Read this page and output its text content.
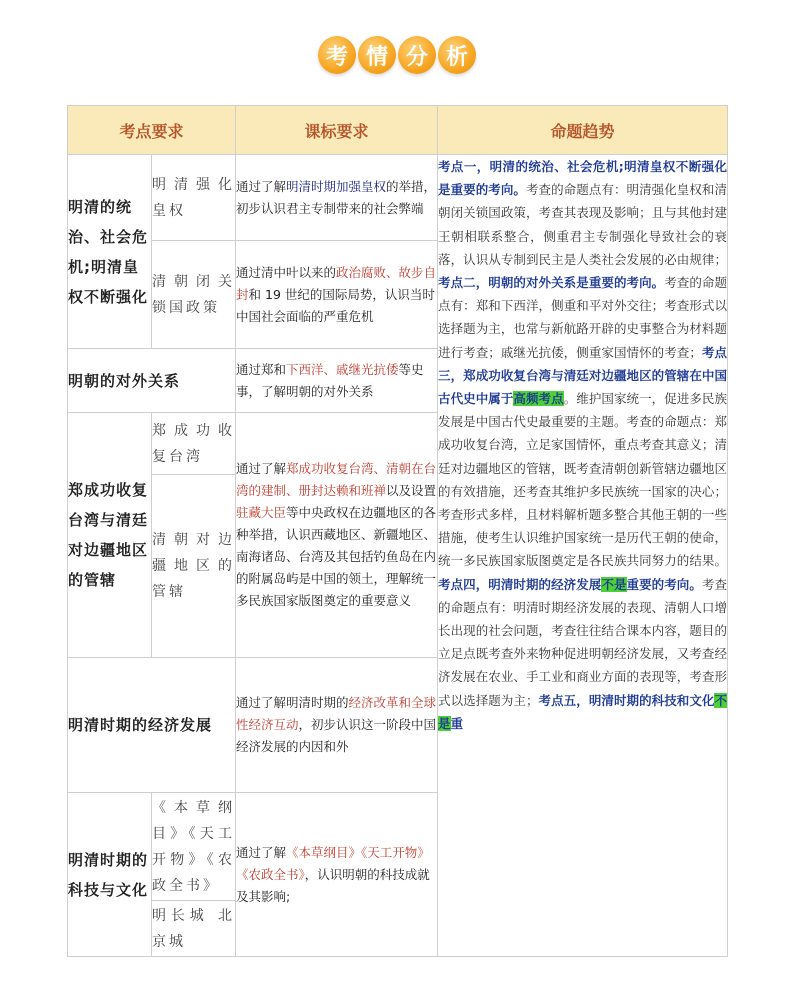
考 情 分 析
考点要求		课标要求	命题趋势
明清的统治、社会危机;明清皇权不断强化	明清强化皇权	通过了解明清时期加强皇权的举措，初步认识君主专制带来的社会弊端	考点一，明清的统治、社会危机;明清皇权不断强化是重要的考向。考查的命题点有：明清强化皇权和清朝闭关锁国政策，考查其表现及影响；且与其他封建王朝相联系整合，侧重君主专制强化导致社会的衰落，认识从专制到民主是人类社会发展的必由规律；考点二，明朝的对外关系是重要的考向。考查的命题点有：郑和下西洋，侧重和平对外交往；考查形式以选择题为主，也常与新航路开辟的史事整合为材料题进行考查；戚继光抗倭，侧重家国情怀的考查；考点三，郑成功收复台湾与清廷对边疆地区的管辖在中国古代史中属于高频考点。维护国家统一，促进多民族发展是中国古代史最重要的主题。考查的命题点：郑成功收复台湾，立足家国情怀，重点考查其意义；清廷对边疆地区的管辖，既考查清朝创新管辖边疆地区的有效措施，还考查其维护多民族统一国家的决心；考查形式多样，且材料解析题多整合其他王朝的一些措施，使考生认识维护国家统一是历代王朝的使命，统一多民族国家版图奠定是各民族共同努力的结果。考点四，明清时期的经济发展不是重要的考向。考查的命题点有：明清时期经济发展的表现、清朝人口增长出现的社会问题，考查往往结合课本内容，题目的立足点既考查外来物种促进明朝经济发展，又考查经济发展在农业、手工业和商业方面的表现等，考查形式以选择题为主；考点五，明清时期的科技和文化不是重
	清朝闭关锁国政策	通过清中叶以来的政治腐败、故步自封和 19 世纪的国际局势，认识当时中国社会面临的严重危机	
明朝的对外关系		通过郑和下西洋、戚继光抗倭等史事，了解明朝的对外关系	
郑成功收复台湾与清廷对边疆地区的管辖	郑成功收复台湾	通过了解郑成功收复台湾、清朝在台湾的建制、册封达赖和班禅以及设置驻藏大臣等中央政权在边疆地区的各种举措，认识西藏地区、新疆地区、南海诸岛、台湾及其包括钓鱼岛在内的附属岛屿是中国的领土，理解统一多民族国家版图奠定的重要意义	
	清朝对边疆地区的管辖		
明清时期的经济发展		通过了解明清时期的经济改革和全球性经济互动，初步认识这一阶段中国经济发展的内因和外	
明清时期的科技与文化	《本草纲目》《天工开物》《农政全书》	通过了解《本草纲目》《天工开物》《农政全书》，认识明朝的科技成就及其影响;	
	明长城 北京城		
